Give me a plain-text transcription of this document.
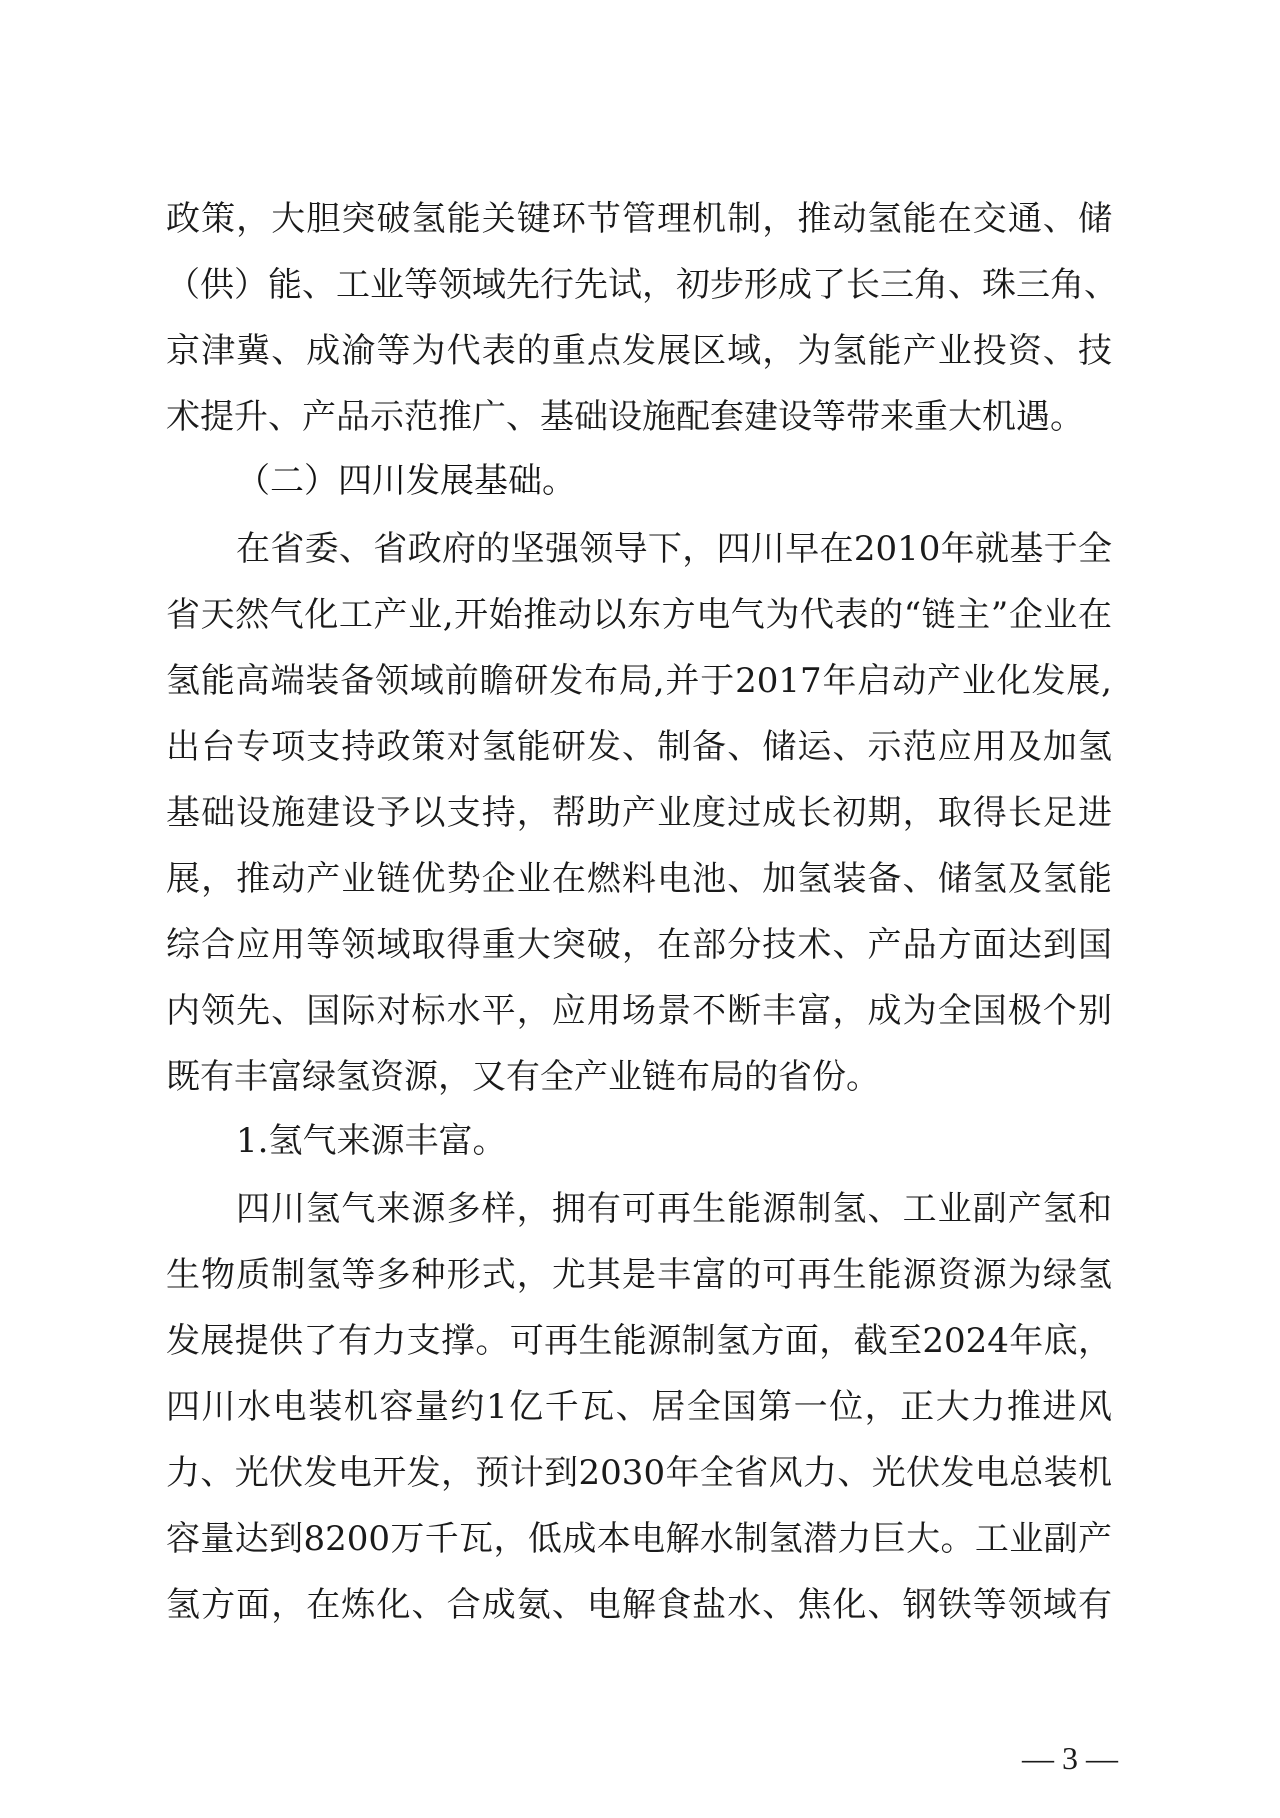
政策，大胆突破氢能关键环节管理机制，推动氢能在交通、储
（供）能、工业等领域先行先试，初步形成了长三角、珠三角、
京津冀、成渝等为代表的重点发展区域，为氢能产业投资、技
术提升、产品示范推广、基础设施配套建设等带来重大机遇。
（二）四川发展基础。
在省委、省政府的坚强领导下，四川早在2010年就基于全
省天然气化工产业,开始推动以东方电气为代表的“链主”企业在
氢能高端装备领域前瞻研发布局,并于2017年启动产业化发展,
出台专项支持政策对氢能研发、制备、储运、示范应用及加氢
基础设施建设予以支持，帮助产业度过成长初期，取得长足进
展，推动产业链优势企业在燃料电池、加氢装备、储氢及氢能
综合应用等领域取得重大突破，在部分技术、产品方面达到国
内领先、国际对标水平，应用场景不断丰富，成为全国极个别
既有丰富绿氢资源，又有全产业链布局的省份。
1.氢气来源丰富。
四川氢气来源多样，拥有可再生能源制氢、工业副产氢和
生物质制氢等多种形式，尤其是丰富的可再生能源资源为绿氢
发展提供了有力支撑。可再生能源制氢方面，截至2024年底，
四川水电装机容量约1亿千瓦、居全国第一位，正大力推进风
力、光伏发电开发，预计到2030年全省风力、光伏发电总装机
容量达到8200万千瓦，低成本电解水制氢潜力巨大。工业副产
氢方面，在炼化、合成氨、电解食盐水、焦化、钢铁等领域有
— 3 —
